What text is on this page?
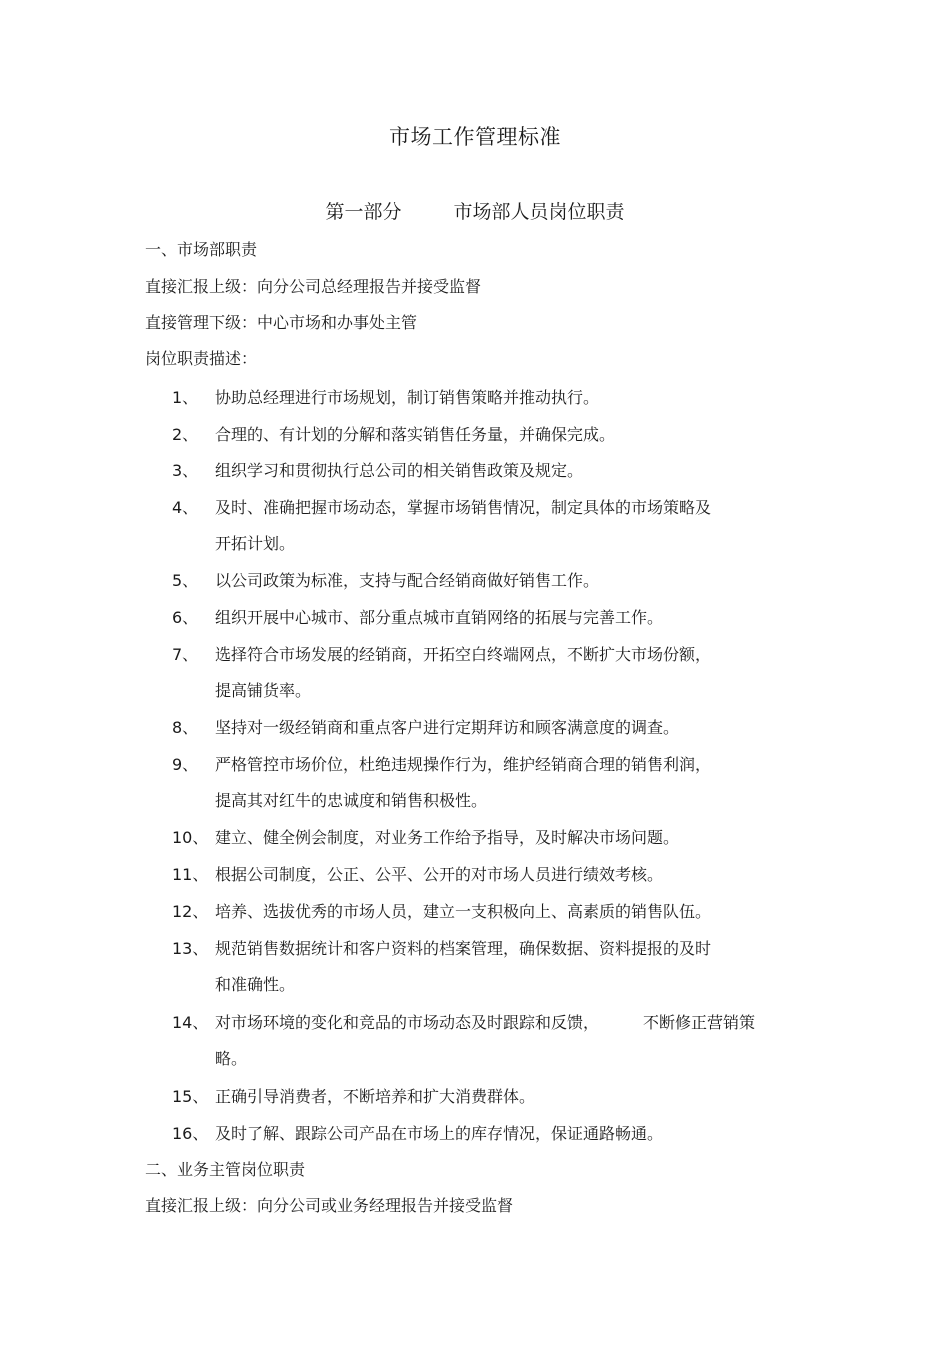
市场工作管理标准
第一部分	市场部人员岗位职责
一、市场部职责
直接汇报上级：向分公司总经理报告并接受监督
直接管理下级：中心市场和办事处主管
岗位职责描述：
1、 协助总经理进行市场规划，制订销售策略并推动执行。
2、 合理的、有计划的分解和落实销售任务量，并确保完成。
3、 组织学习和贯彻执行总公司的相关销售政策及规定。
4、 及时、准确把握市场动态，掌握市场销售情况，制定具体的市场策略及
开拓计划。
5、 以公司政策为标准，支持与配合经销商做好销售工作。
6、 组织开展中心城市、部分重点城市直销网络的拓展与完善工作。
7、 选择符合市场发展的经销商，开拓空白终端网点，不断扩大市场份额，
提高铺货率。
8、 坚持对一级经销商和重点客户进行定期拜访和顾客满意度的调查。
9、 严格管控市场价位，杜绝违规操作行为，维护经销商合理的销售利润，
提高其对红牛的忠诚度和销售积极性。
10、 建立、健全例会制度，对业务工作给予指导，及时解决市场问题。
11、 根据公司制度，公正、公平、公开的对市场人员进行绩效考核。
12、 培养、选拔优秀的市场人员，建立一支积极向上、高素质的销售队伍。
13、 规范销售数据统计和客户资料的档案管理，确保数据、资料提报的及时
和准确性。
14、 对市场环境的变化和竞品的市场动态及时跟踪和反馈，	不断修正营销策
略。
15、 正确引导消费者，不断培养和扩大消费群体。
16、 及时了解、跟踪公司产品在市场上的库存情况，保证通路畅通。
二、业务主管岗位职责
直接汇报上级：向分公司或业务经理报告并接受监督
